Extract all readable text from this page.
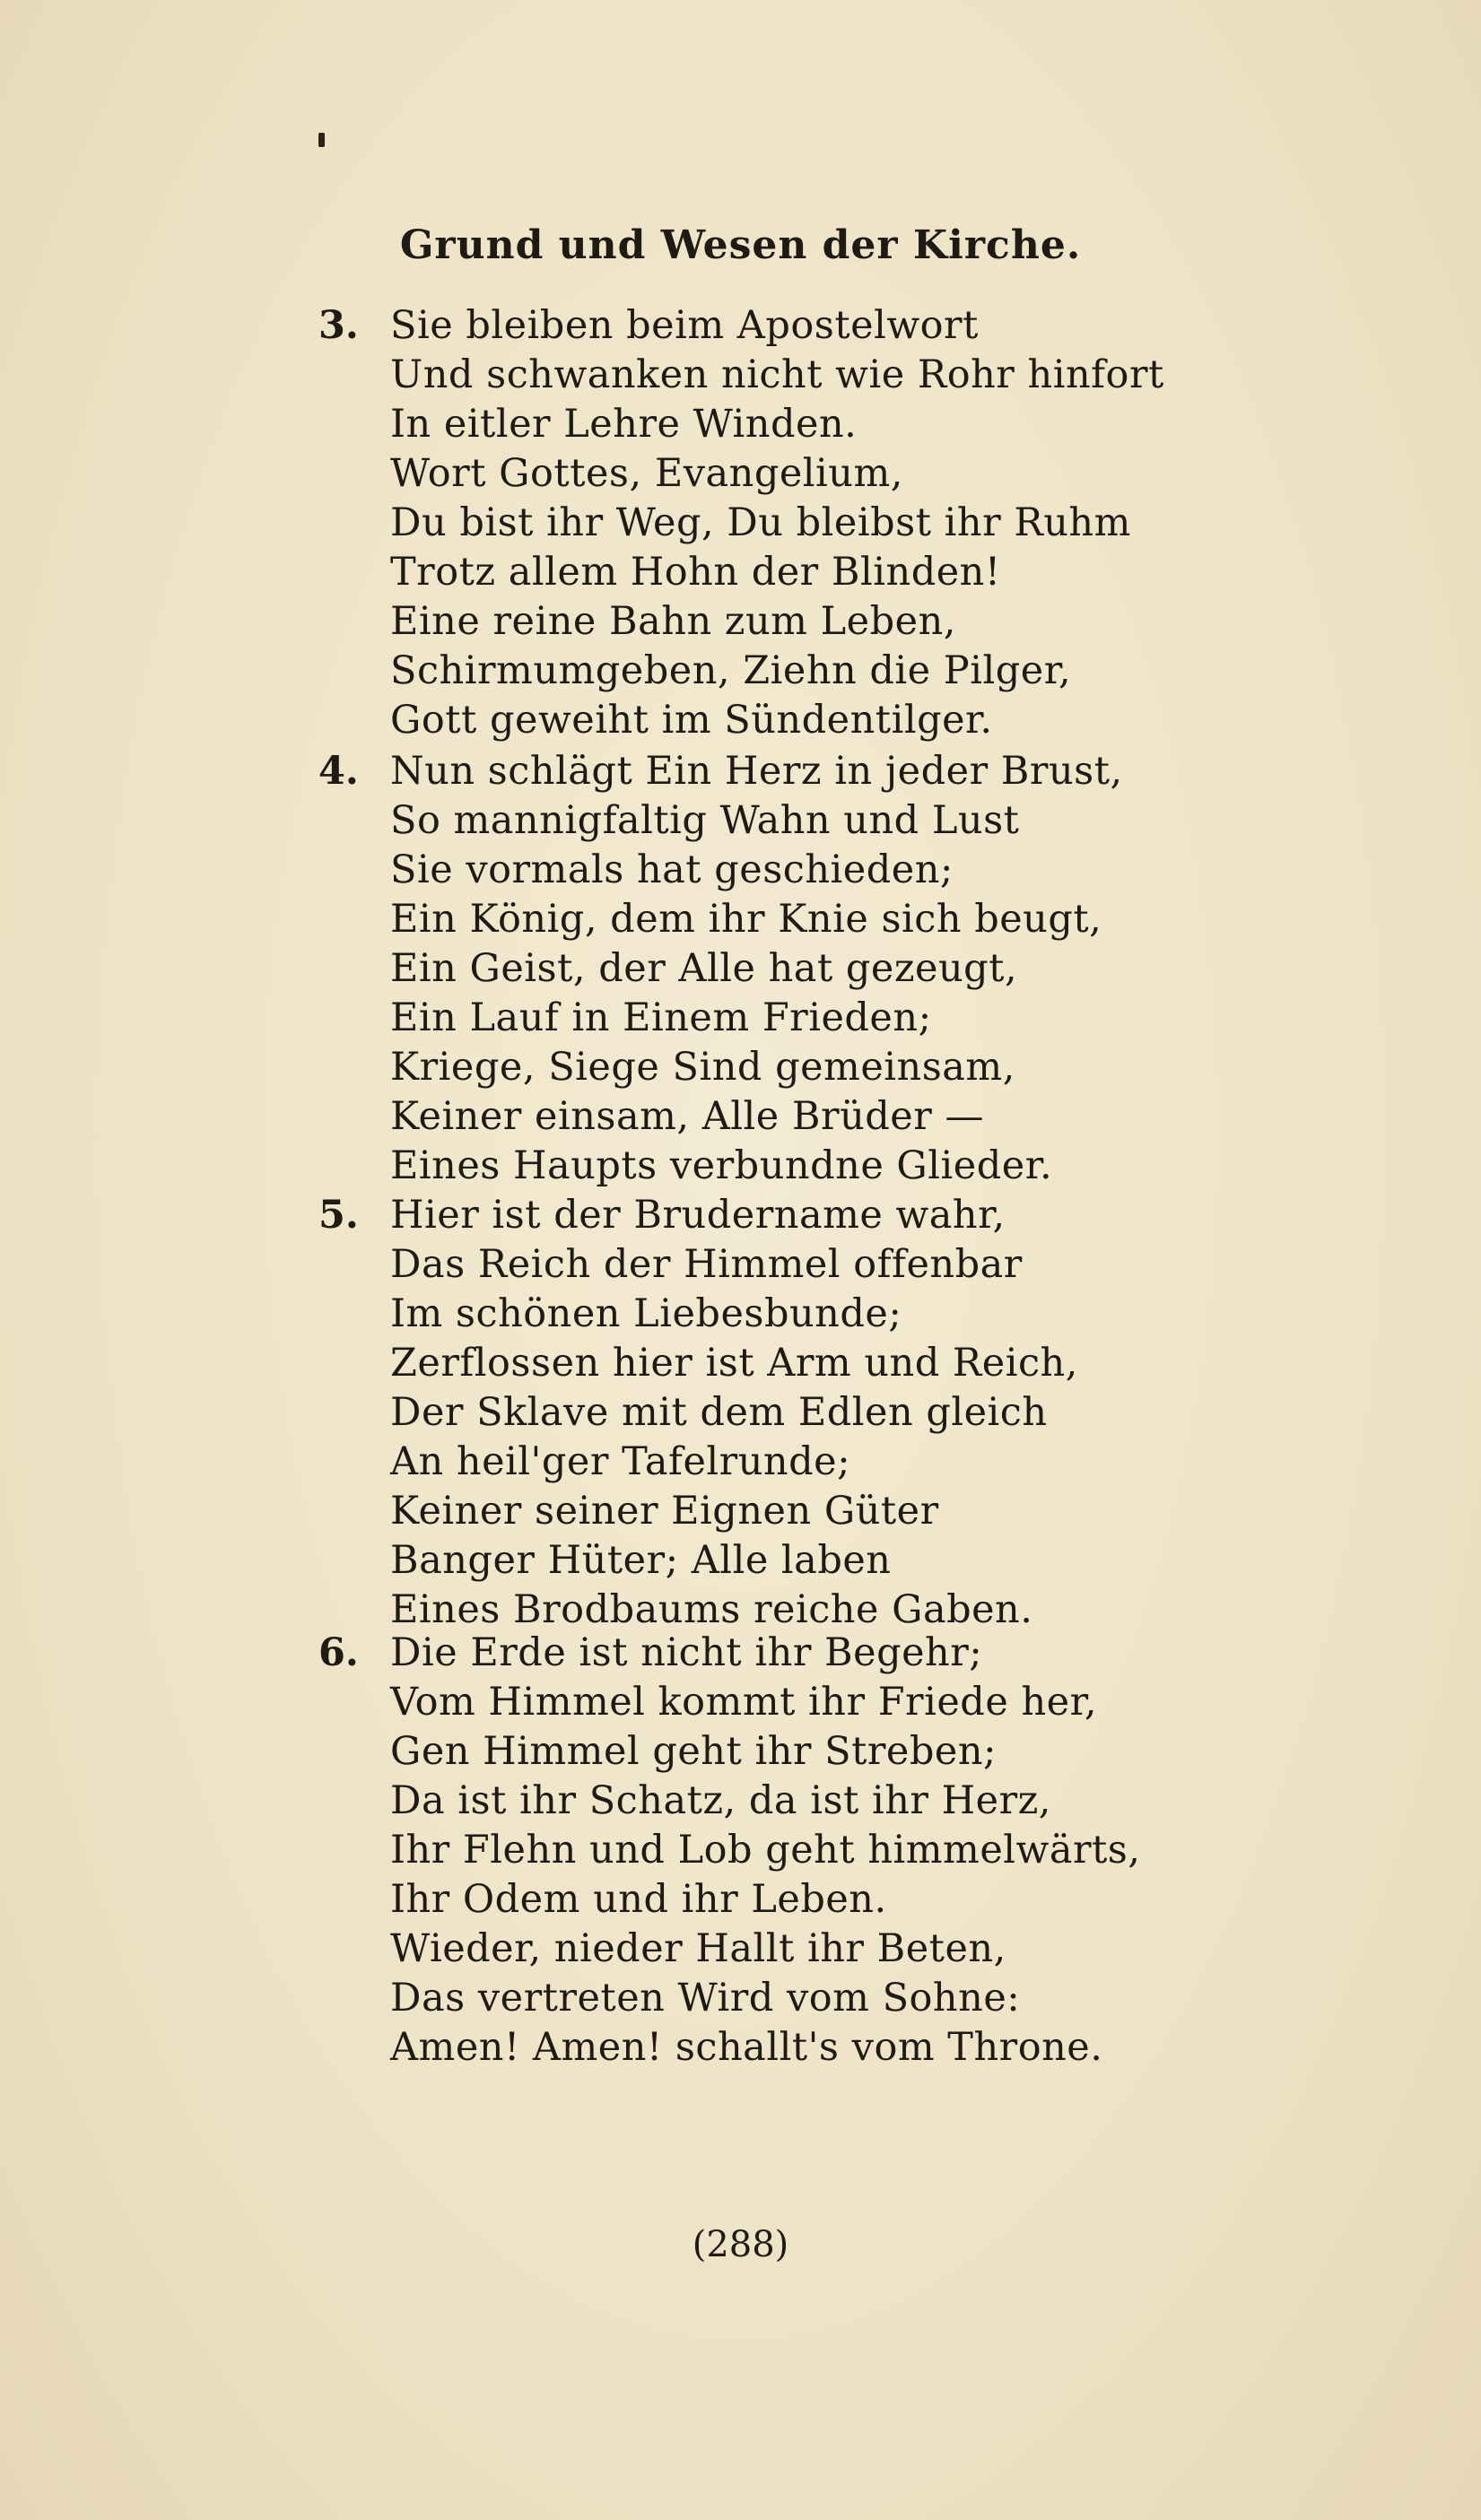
Grund und Wesen der Kirche.
3. Sie bleiben beim Apostelwort
Und schwanken nicht wie Rohr hinfort
In eitler Lehre Winden.
Wort Gottes, Evangelium,
Du bist ihr Weg, Du bleibst ihr Ruhm
Trotz allem Hohn der Blinden!
Eine reine Bahn zum Leben,
Schirmumgeben, Ziehn die Pilger,
Gott geweiht im Sündentilger.
4. Nun schlägt Ein Herz in jeder Brust,
So mannigfaltig Wahn und Lust
Sie vormals hat geschieden;
Ein König, dem ihr Knie sich beugt,
Ein Geist, der Alle hat gezeugt,
Ein Lauf in Einem Frieden;
Kriege, Siege Sind gemeinsam,
Keiner einsam, Alle Brüder —
Eines Haupts verbundne Glieder.
5. Hier ist der Brudername wahr,
Das Reich der Himmel offenbar
Im schönen Liebesbunde;
Zerflossen hier ist Arm und Reich,
Der Sklave mit dem Edlen gleich
An heil'ger Tafelrunde;
Keiner seiner Eignen Güter
Banger Hüter; Alle laben
Eines Brodbaums reiche Gaben.
6. Die Erde ist nicht ihr Begehr;
Vom Himmel kommt ihr Friede her,
Gen Himmel geht ihr Streben;
Da ist ihr Schatz, da ist ihr Herz,
Ihr Flehn und Lob geht himmelwärts,
Ihr Odem und ihr Leben.
Wieder, nieder Hallt ihr Beten,
Das vertreten Wird vom Sohne:
Amen! Amen! schallt's vom Throne.
(288)
